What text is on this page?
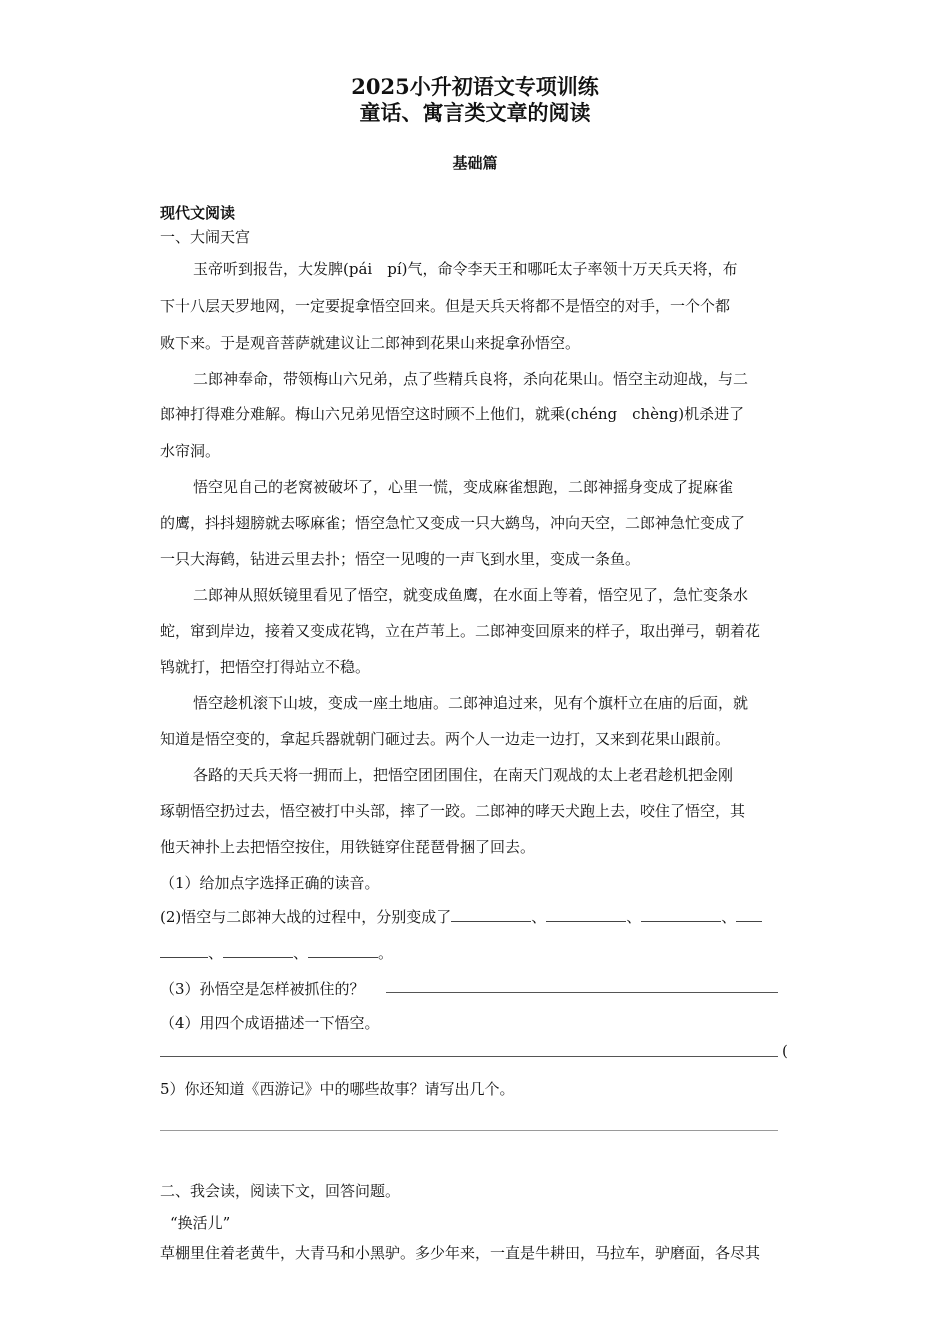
2025小升初语文专项训练
童话、寓言类文章的阅读
基础篇
现代文阅读
一、大闹天宫
玉帝听到报告，大发脾(pái　pí)气，命令李天王和哪吒太子率领十万天兵天将，布
下十八层天罗地网，一定要捉拿悟空回来。但是天兵天将都不是悟空的对手，一个个都
败下来。于是观音菩萨就建议让二郎神到花果山来捉拿孙悟空。
二郎神奉命，带领梅山六兄弟，点了些精兵良将，杀向花果山。悟空主动迎战，与二
郎神打得难分难解。梅山六兄弟见悟空这时顾不上他们，就乘(chéng　chèng)机杀进了
水帘洞。
悟空见自己的老窝被破坏了，心里一慌，变成麻雀想跑，二郎神摇身变成了捉麻雀
的鹰，抖抖翅膀就去啄麻雀；悟空急忙又变成一只大鹚鸟，冲向天空，二郎神急忙变成了
一只大海鹤，钻进云里去扑；悟空一见嗖的一声飞到水里，变成一条鱼。
二郎神从照妖镜里看见了悟空，就变成鱼鹰，在水面上等着，悟空见了，急忙变条水
蛇，窜到岸边，接着又变成花鸨，立在芦苇上。二郎神变回原来的样子，取出弹弓，朝着花
鸨就打，把悟空打得站立不稳。
悟空趁机滚下山坡，变成一座土地庙。二郎神追过来，见有个旗杆立在庙的后面，就
知道是悟空变的，拿起兵器就朝门砸过去。两个人一边走一边打，又来到花果山跟前。
各路的天兵天将一拥而上，把悟空团团围住，在南天门观战的太上老君趁机把金刚
琢朝悟空扔过去，悟空被打中头部，摔了一跤。二郎神的哮天犬跑上去，咬住了悟空，其
他天神扑上去把悟空按住，用铁链穿住琵琶骨捆了回去。
（1）给加点字选择正确的读音。
(2)悟空与二郎神大战的过程中，分别变成了	、	、	、
、	、	。
（3）孙悟空是怎样被抓住的？
（4）用四个成语描述一下悟空。
(
5）你还知道《西游记》中的哪些故事？请写出几个。
二、我会读，阅读下文，回答问题。
“换活儿”
草棚里住着老黄牛，大青马和小黑驴。多少年来，一直是牛耕田，马拉车，驴磨面，各尽其
